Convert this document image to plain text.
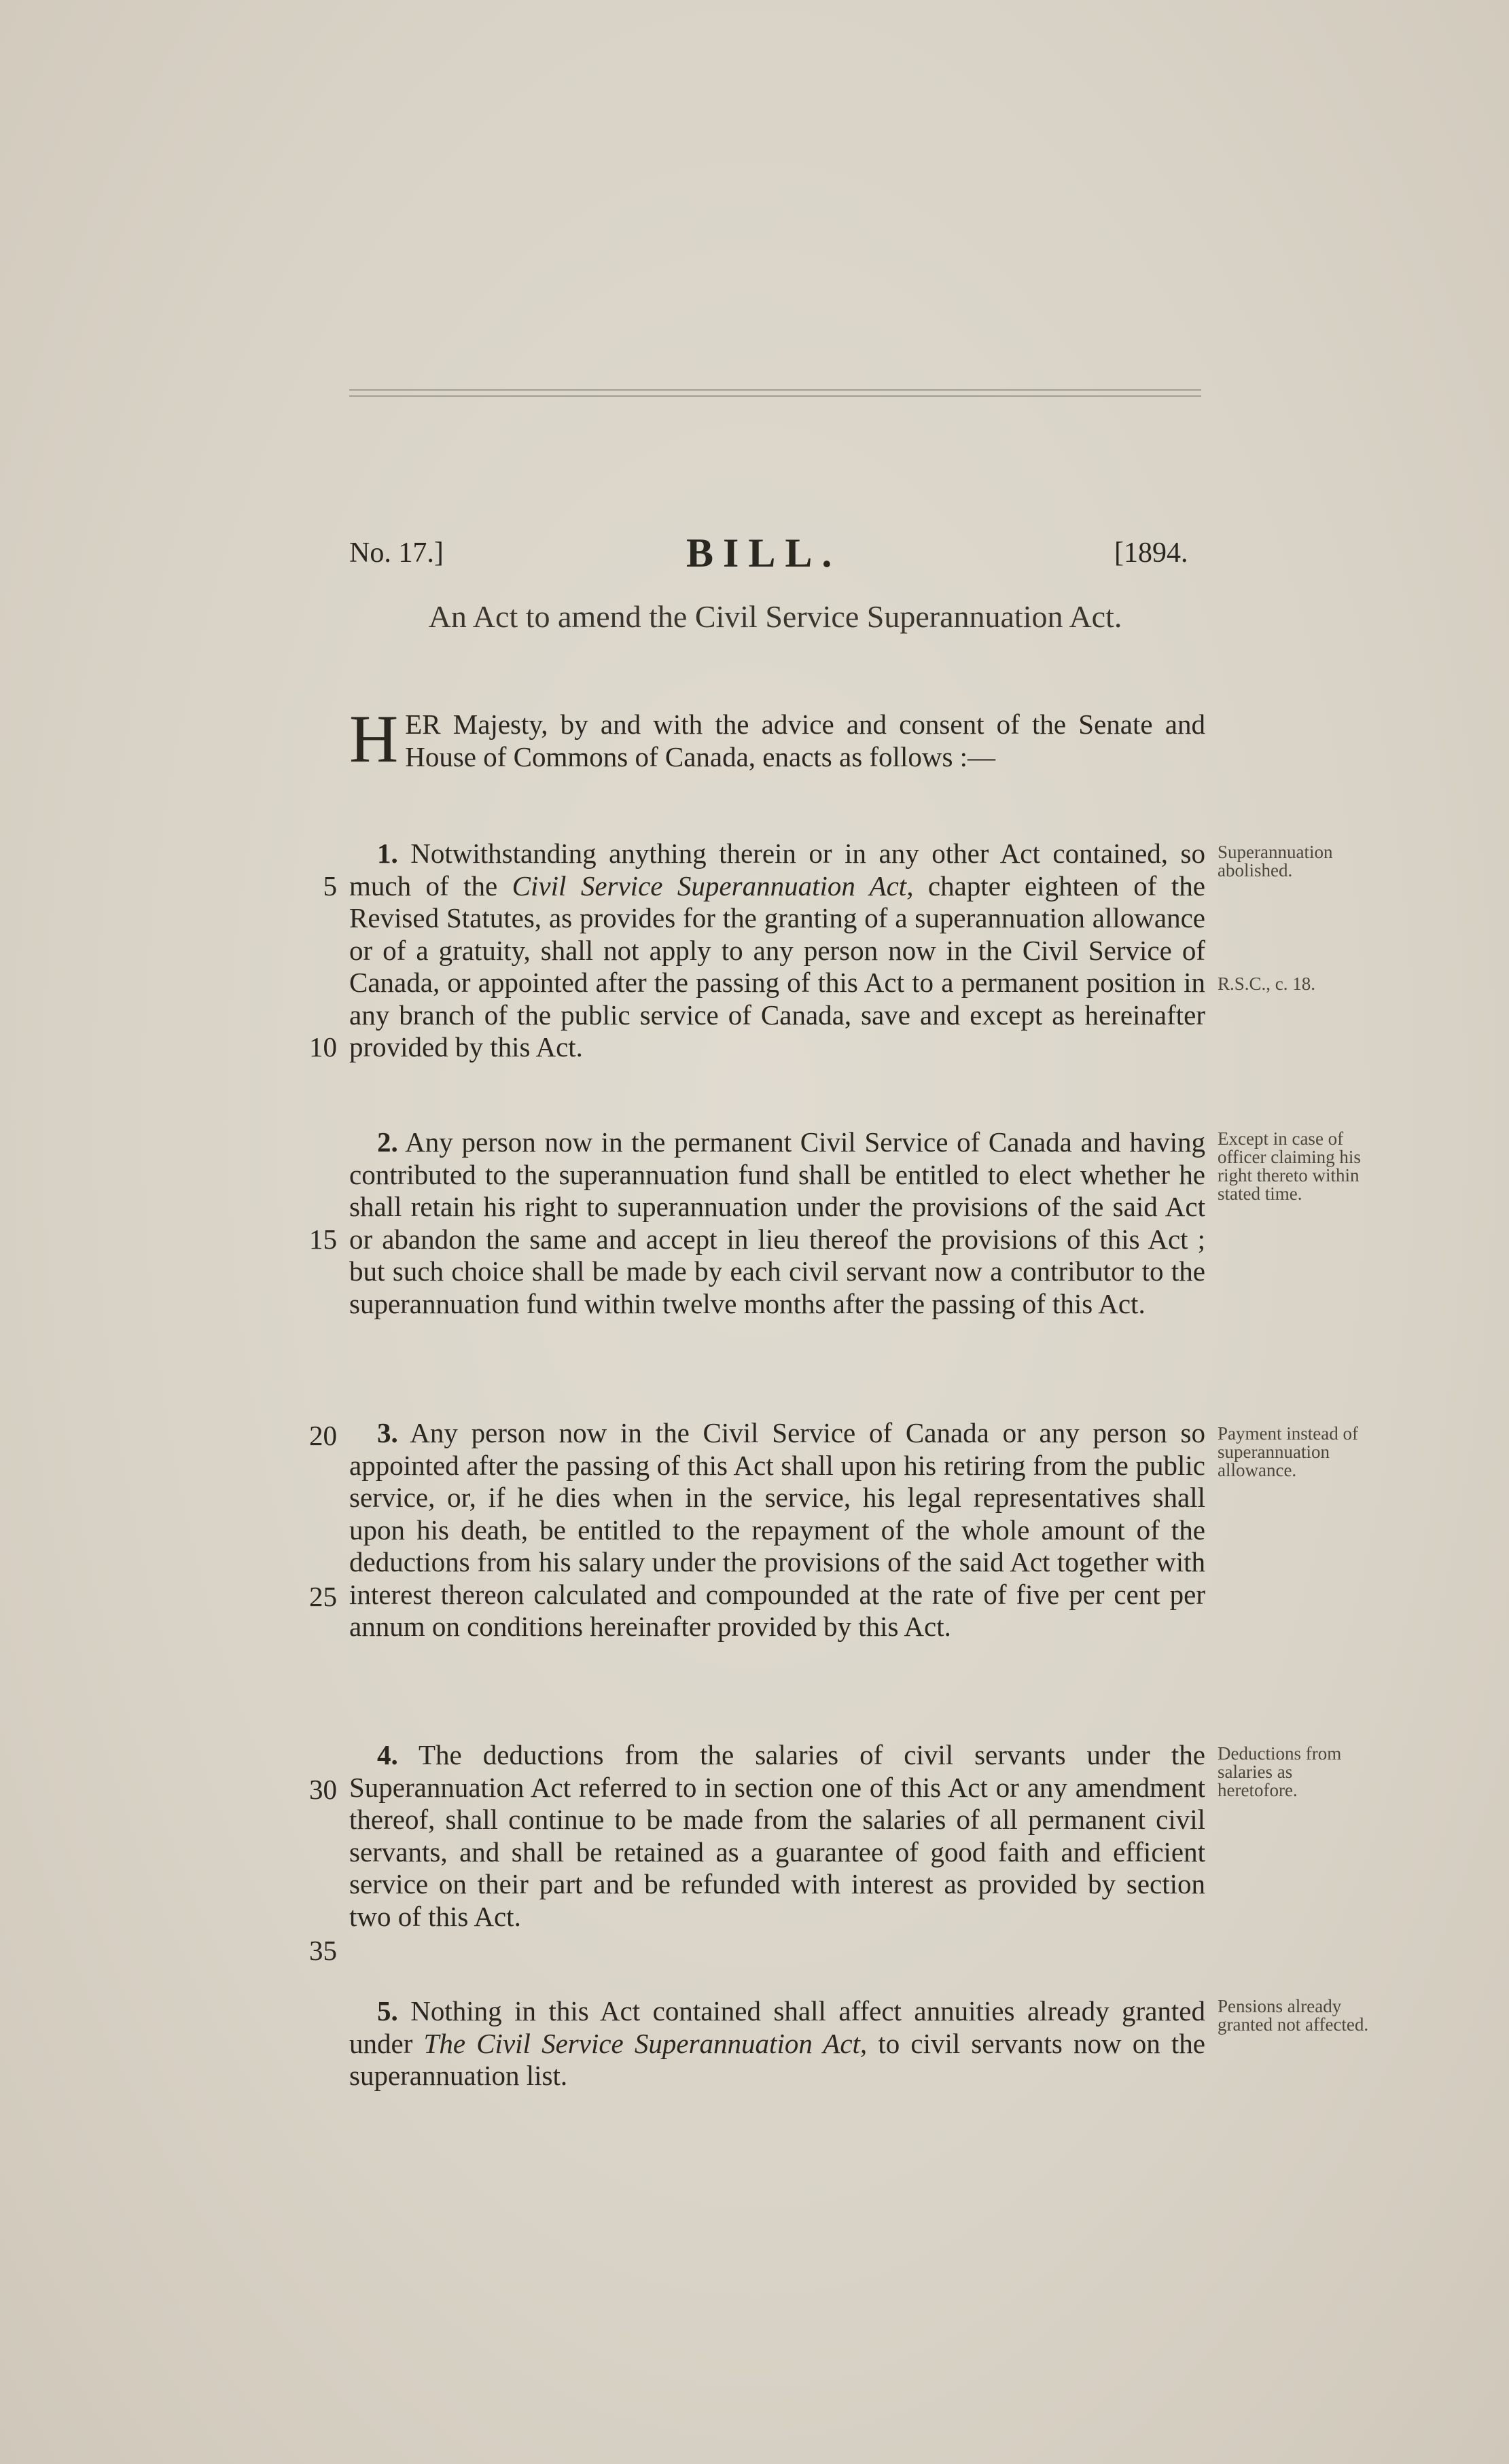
No. 17.]	BILL.	[1894.
An Act to amend the Civil Service Superannuation Act.
HER Majesty, by and with the advice and consent of the Senate and House of Commons of Canada, enacts as follows :—
 1. Notwithstanding anything therein or in any other Act contained, so much of the Civil Service Superannuation Act, chapter eighteen of the Revised Statutes, as provides for the granting of a superannuation allowance or of a gratuity, shall not apply to any person now in the Civil Service of Canada, or appointed after the passing of this Act to a permanent position in any branch of the public service of Canada, save and except as hereinafter provided by this Act.
 2. Any person now in the permanent Civil Service of Canada and having contributed to the superannuation fund shall be entitled to elect whether he shall retain his right to superannuation under the provisions of the said Act or abandon the same and accept in lieu thereof the provisions of this Act ; but such choice shall be made by each civil servant now a contributor to the superannuation fund within twelve months after the passing of this Act.
 3. Any person now in the Civil Service of Canada or any person so appointed after the passing of this Act shall upon his retiring from the public service, or, if he dies when in the service, his legal representatives shall upon his death, be entitled to the repayment of the whole amount of the deductions from his salary under the provisions of the said Act together with interest thereon calculated and compounded at the rate of five per cent per annum on conditions hereinafter provided by this Act.
 4. The deductions from the salaries of civil servants under the Superannuation Act referred to in section one of this Act or any amendment thereof, shall continue to be made from the salaries of all permanent civil servants, and shall be retained as a guarantee of good faith and efficient service on their part and be refunded with interest as provided by section two of this Act.
 5. Nothing in this Act contained shall affect annuities already granted under The Civil Service Superannuation Act, to civil servants now on the superannuation list.
5
10
15
20
25
30
35
Superannuation abolished.
R.S.C., c. 18.
Except in case of officer claiming his right thereto within stated time.
Payment instead of superannuation allowance.
Deductions from salaries as heretofore.
Pensions already granted not affected.
